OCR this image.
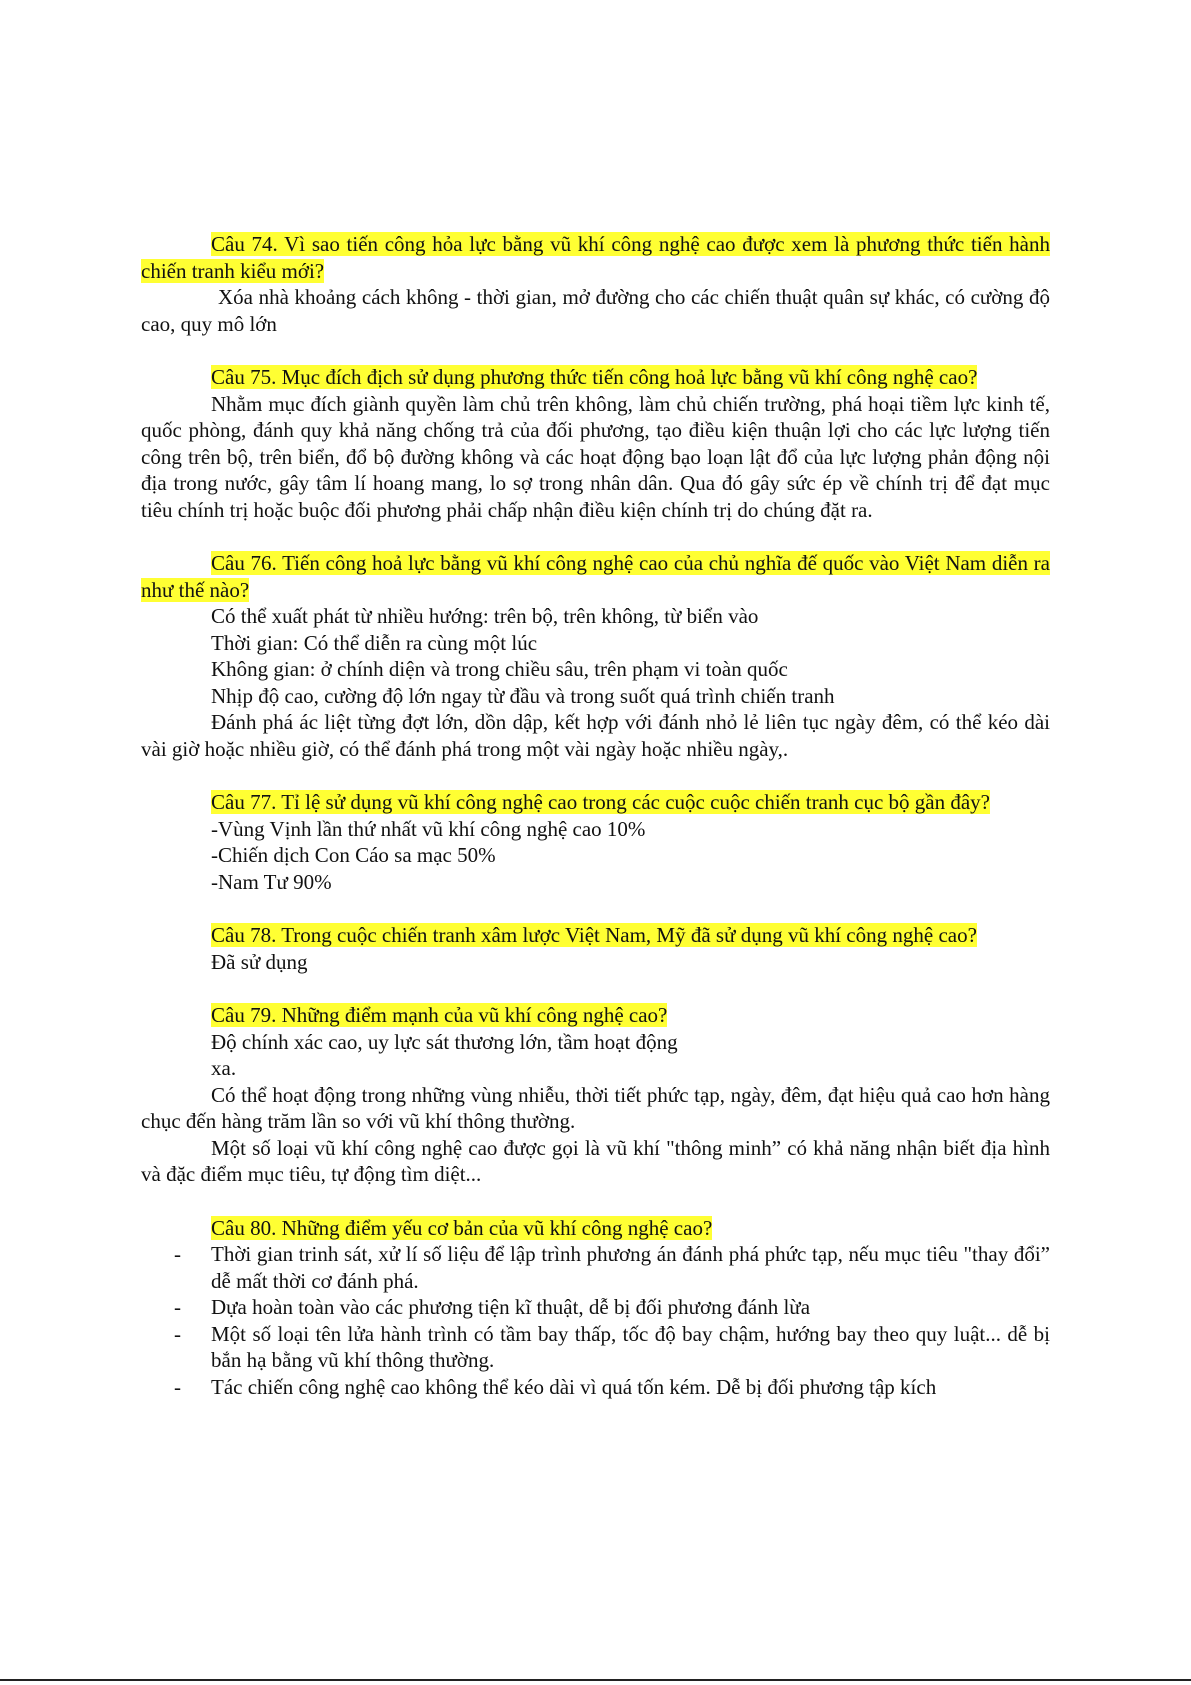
Câu 74. Vì sao tiến công hỏa lực bằng vũ khí công nghệ cao được xem là phương thức tiến hành chiến tranh kiểu mới?

Xóa nhà khoảng cách không - thời gian, mở đường cho các chiến thuật quân sự khác, có cường độ cao, quy mô lớn

Câu 75. Mục đích địch sử dụng phương thức tiến công hoả lực bằng vũ khí công nghệ cao?

Nhằm mục đích giành quyền làm chủ trên không, làm chủ chiến trường, phá hoại tiềm lực kinh tế, quốc phòng, đánh quy khả năng chống trả của đối phương, tạo điều kiện thuận lợi cho các lực lượng tiến công trên bộ, trên biển, đổ bộ đường không và các hoạt động bạo loạn lật đổ của lực lượng phản động nội địa trong nước, gây tâm lí hoang mang, lo sợ trong nhân dân. Qua đó gây sức ép về chính trị để đạt mục tiêu chính trị hoặc buộc đối phương phải chấp nhận điều kiện chính trị do chúng đặt ra.

Câu 76. Tiến công hoả lực bằng vũ khí công nghệ cao của chủ nghĩa đế quốc vào Việt Nam diễn ra như thế nào?

Có thể xuất phát từ nhiều hướng: trên bộ, trên không, từ biển vào

Thời gian: Có thể diễn ra cùng một lúc

Không gian: ở chính diện và trong chiều sâu, trên phạm vi toàn quốc

Nhịp độ cao, cường độ lớn ngay từ đầu và trong suốt quá trình chiến tranh

Đánh phá ác liệt từng đợt lớn, dồn dập, kết hợp với đánh nhỏ lẻ liên tục ngày đêm, có thể kéo dài vài giờ hoặc nhiều giờ, có thể đánh phá trong một vài ngày hoặc nhiều ngày,.

Câu 77. Tỉ lệ sử dụng vũ khí công nghệ cao trong các cuộc cuộc chiến tranh cục bộ gần đây?

-Vùng Vịnh lần thứ nhất vũ khí công nghệ cao 10%

-Chiến dịch Con Cáo sa mạc 50%

-Nam Tư 90%

Câu 78. Trong cuộc chiến tranh xâm lược Việt Nam, Mỹ đã sử dụng vũ khí công nghệ cao?

Đã sử dụng

Câu 79. Những điểm mạnh của vũ khí công nghệ cao?

Độ chính xác cao, uy lực sát thương lớn, tầm hoạt động

xa.

Có thể hoạt động trong những vùng nhiễu, thời tiết phức tạp, ngày, đêm, đạt hiệu quả cao hơn hàng chục đến hàng trăm lần so với vũ khí thông thường.

Một số loại vũ khí công nghệ cao được gọi là vũ khí "thông minh” có khả năng nhận biết địa hình và đặc điểm mục tiêu, tự động tìm diệt...

Câu 80. Những điểm yếu cơ bản của vũ khí công nghệ cao?

- Thời gian trinh sát, xử lí số liệu để lập trình phương án đánh phá phức tạp, nếu mục tiêu "thay đổi” dễ mất thời cơ đánh phá.
- Dựa hoàn toàn vào các phương tiện kĩ thuật, dễ bị đối phương đánh lừa
- Một số loại tên lửa hành trình có tầm bay thấp, tốc độ bay chậm, hướng bay theo quy luật... dễ bị bắn hạ bằng vũ khí thông thường.
- Tác chiến công nghệ cao không thể kéo dài vì quá tốn kém. Dễ bị đối phương tập kích
